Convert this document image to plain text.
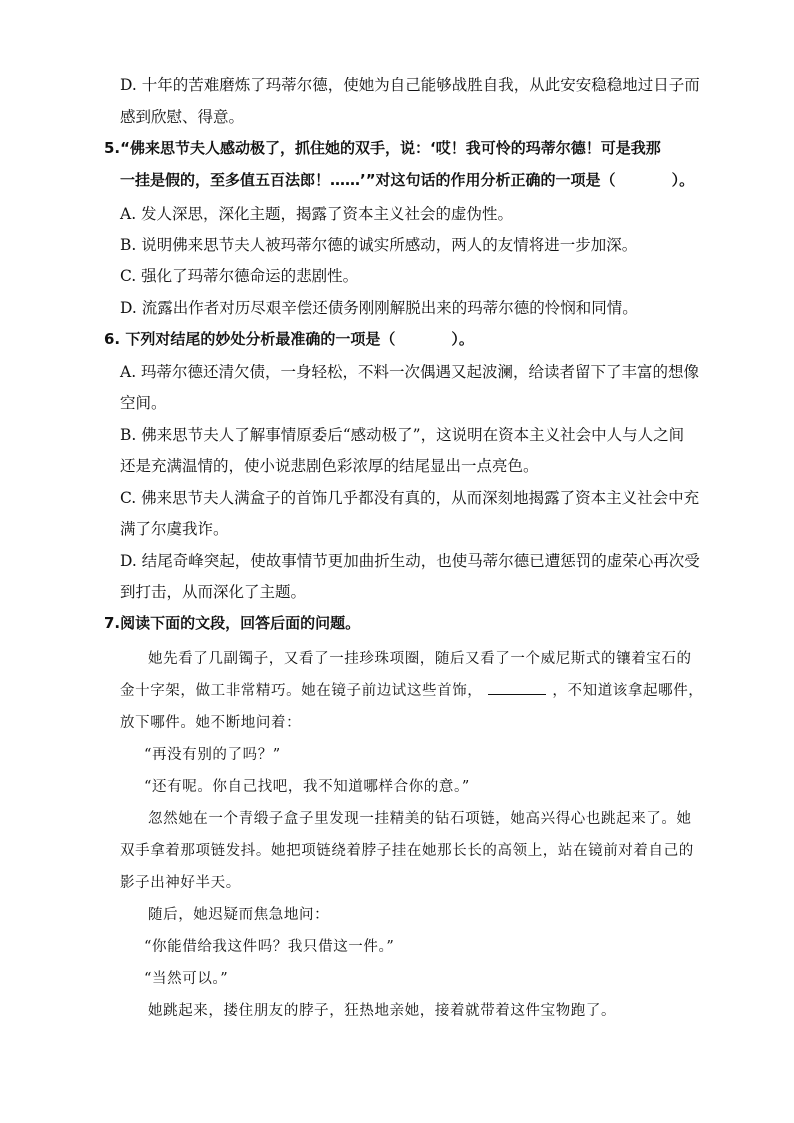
D. 十年的苦难磨炼了玛蒂尔德，使她为自己能够战胜自我，从此安安稳稳地过日子而
感到欣慰、得意。
5.“佛来思节夫人感动极了，抓住她的双手，说：‘哎！我可怜的玛蒂尔德！可是我那
一挂是假的，至多值五百法郎！……’”对这句话的作用分析正确的一项是（	）。
A. 发人深思，深化主题，揭露了资本主义社会的虚伪性。
B. 说明佛来思节夫人被玛蒂尔德的诚实所感动，两人的友情将进一步加深。
C. 强化了玛蒂尔德命运的悲剧性。
D. 流露出作者对历尽艰辛偿还债务刚刚解脱出来的玛蒂尔德的怜悯和同情。
6. 下列对结尾的妙处分析最准确的一项是（	）。
A. 玛蒂尔德还清欠债，一身轻松，不料一次偶遇又起波澜，给读者留下了丰富的想像
空间。
B. 佛来思节夫人了解事情原委后“感动极了”，这说明在资本主义社会中人与人之间
还是充满温情的，使小说悲剧色彩浓厚的结尾显出一点亮色。
C. 佛来思节夫人满盒子的首饰几乎都没有真的，从而深刻地揭露了资本主义社会中充
满了尔虞我诈。
D. 结尾奇峰突起，使故事情节更加曲折生动，也使马蒂尔德已遭惩罚的虚荣心再次受
到打击，从而深化了主题。
7.阅读下面的文段，回答后面的问题。
她先看了几副镯子，又看了一挂珍珠项圈，随后又看了一个威尼斯式的镶着宝石的
金十字架，做工非常精巧。她在镜子前边试这些首饰，	，不知道该拿起哪件，
放下哪件。她不断地问着：
“再没有别的了吗？”
“还有呢。你自己找吧，我不知道哪样合你的意。”
忽然她在一个青缎子盒子里发现一挂精美的钻石项链，她高兴得心也跳起来了。她
双手拿着那项链发抖。她把项链绕着脖子挂在她那长长的高领上，站在镜前对着自己的
影子出神好半天。
随后，她迟疑而焦急地问：
“你能借给我这件吗？我只借这一件。”
“当然可以。”
她跳起来，搂住朋友的脖子，狂热地亲她，接着就带着这件宝物跑了。
